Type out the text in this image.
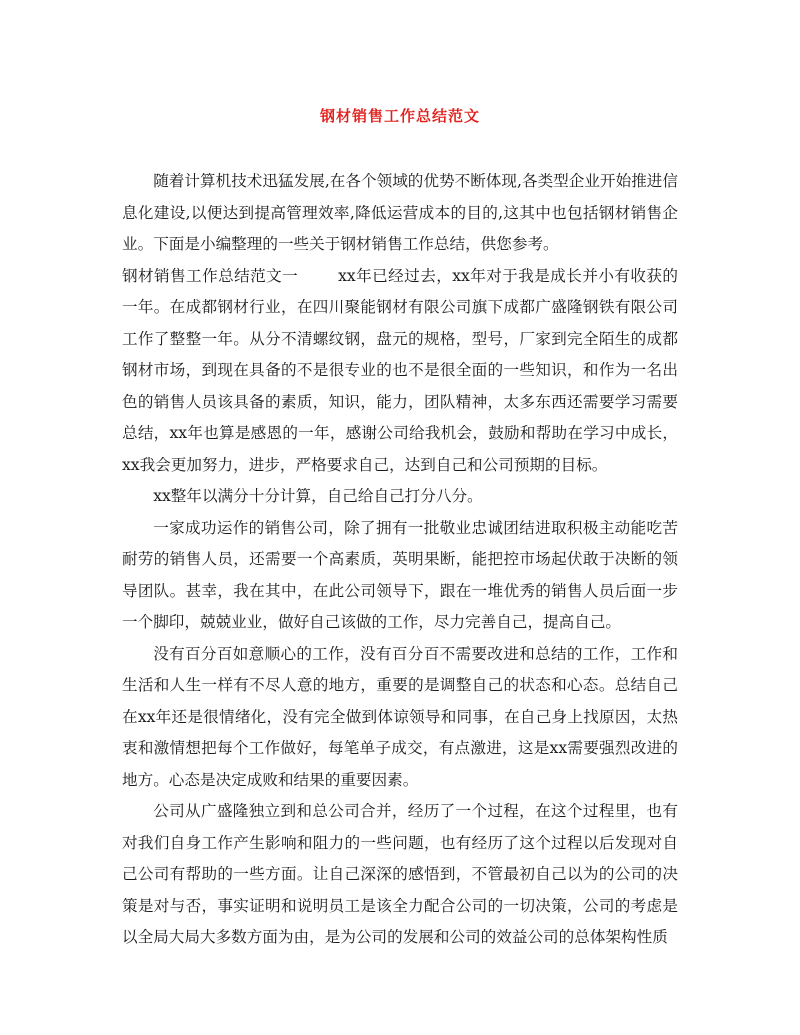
钢材销售工作总结范文

随着计算机技术迅猛发展,在各个领域的优势不断体现,各类型企业开始推进信息化建设,以便达到提高管理效率,降低运营成本的目的,这其中也包括钢材销售企业。下面是小编整理的一些关于钢材销售工作总结，供您参考。

钢材销售工作总结范文一	xx年已经过去，xx年对于我是成长并小有收获的一年。在成都钢材行业，在四川聚能钢材有限公司旗下成都广盛隆钢铁有限公司工作了整整一年。从分不清螺纹钢，盘元的规格，型号，厂家到完全陌生的成都钢材市场，到现在具备的不是很专业的也不是很全面的一些知识，和作为一名出色的销售人员该具备的素质，知识，能力，团队精神，太多东西还需要学习需要总结，xx年也算是感恩的一年，感谢公司给我机会，鼓励和帮助在学习中成长，xx我会更加努力，进步，严格要求自己，达到自己和公司预期的目标。

xx整年以满分十分计算，自己给自己打分八分。

一家成功运作的销售公司，除了拥有一批敬业忠诚团结进取积极主动能吃苦耐劳的销售人员，还需要一个高素质，英明果断，能把控市场起伏敢于决断的领导团队。甚幸，我在其中，在此公司领导下，跟在一堆优秀的销售人员后面一步一个脚印，兢兢业业，做好自己该做的工作，尽力完善自己，提高自己。

没有百分百如意顺心的工作，没有百分百不需要改进和总结的工作，工作和生活和人生一样有不尽人意的地方，重要的是调整自己的状态和心态。总结自己在xx年还是很情绪化，没有完全做到体谅领导和同事，在自己身上找原因，太热衷和激情想把每个工作做好，每笔单子成交，有点激进，这是xx需要强烈改进的地方。心态是决定成败和结果的重要因素。

公司从广盛隆独立到和总公司合并，经历了一个过程，在这个过程里，也有对我们自身工作产生影响和阻力的一些问题，也有经历了这个过程以后发现对自己公司有帮助的一些方面。让自己深深的感悟到，不管最初自己以为的公司的决策是对与否，事实证明和说明员工是该全力配合公司的一切决策，公司的考虑是以全局大局大多数方面为由，是为公司的发展和公司的效益公司的总体架构性质
